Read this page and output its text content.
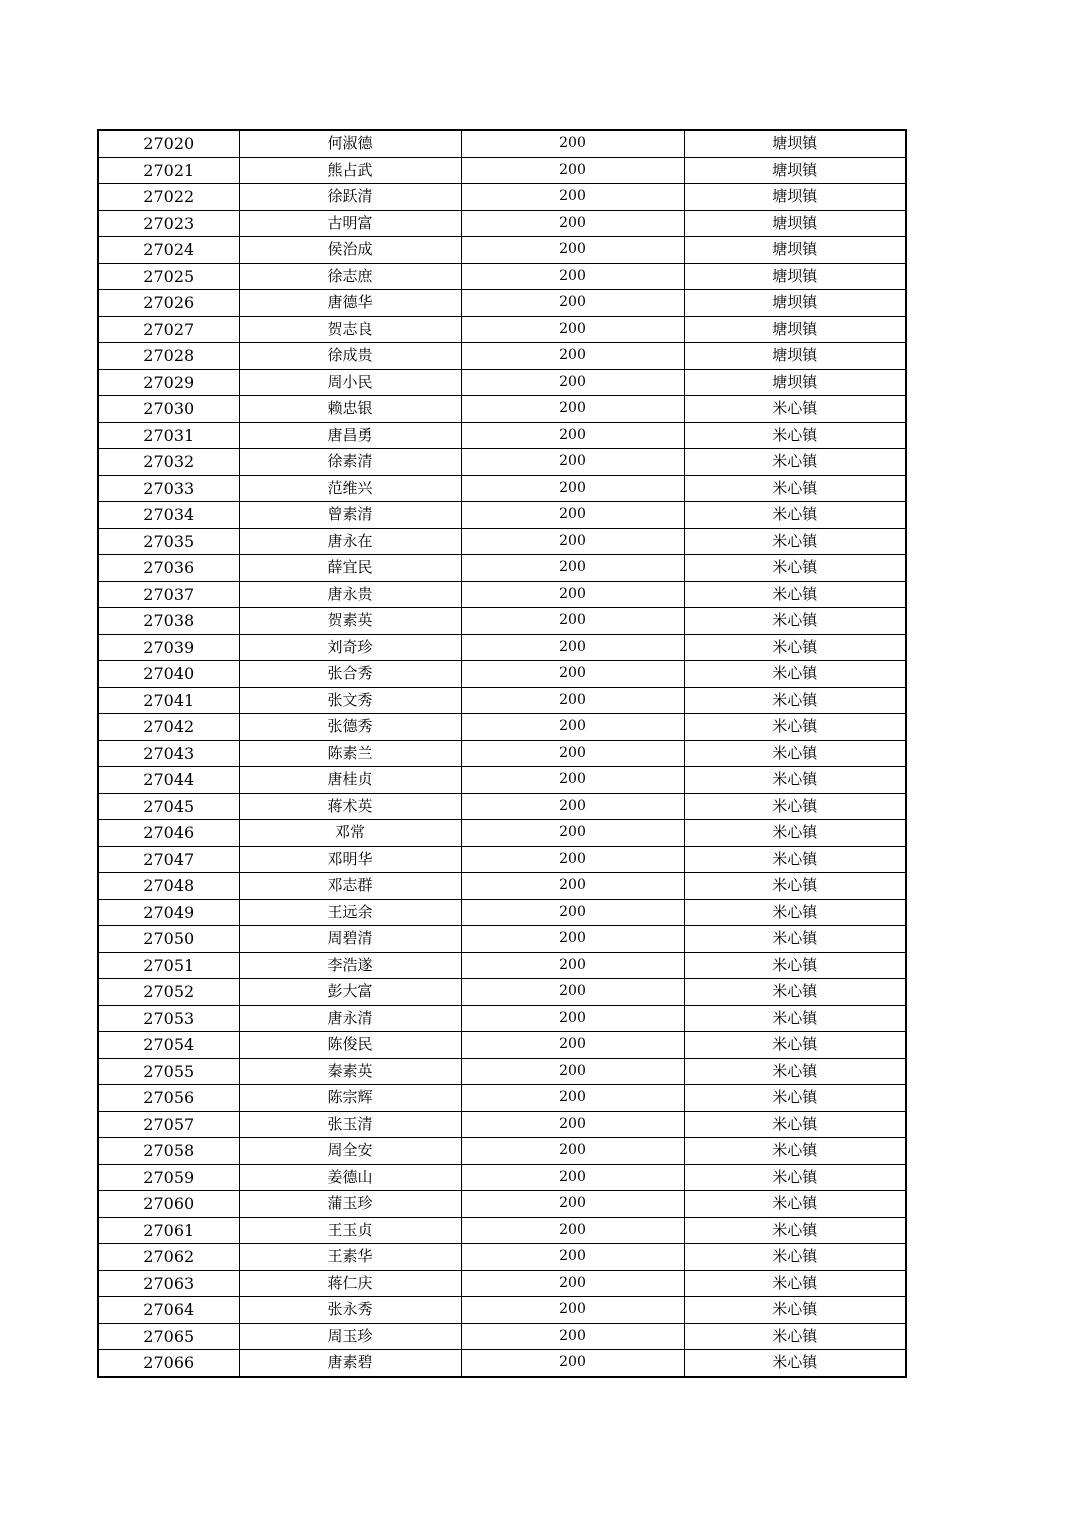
27020	何淑德	200	塘坝镇
27021	熊占武	200	塘坝镇
27022	徐跃清	200	塘坝镇
27023	古明富	200	塘坝镇
27024	侯治成	200	塘坝镇
27025	徐志庶	200	塘坝镇
27026	唐德华	200	塘坝镇
27027	贺志良	200	塘坝镇
27028	徐成贵	200	塘坝镇
27029	周小民	200	塘坝镇
27030	赖忠银	200	米心镇
27031	唐昌勇	200	米心镇
27032	徐素清	200	米心镇
27033	范维兴	200	米心镇
27034	曾素清	200	米心镇
27035	唐永在	200	米心镇
27036	薛宜民	200	米心镇
27037	唐永贵	200	米心镇
27038	贺素英	200	米心镇
27039	刘奇珍	200	米心镇
27040	张合秀	200	米心镇
27041	张文秀	200	米心镇
27042	张德秀	200	米心镇
27043	陈素兰	200	米心镇
27044	唐桂贞	200	米心镇
27045	蒋术英	200	米心镇
27046	邓常	200	米心镇
27047	邓明华	200	米心镇
27048	邓志群	200	米心镇
27049	王远余	200	米心镇
27050	周碧清	200	米心镇
27051	李浩遂	200	米心镇
27052	彭大富	200	米心镇
27053	唐永清	200	米心镇
27054	陈俊民	200	米心镇
27055	秦素英	200	米心镇
27056	陈宗辉	200	米心镇
27057	张玉清	200	米心镇
27058	周全安	200	米心镇
27059	姜德山	200	米心镇
27060	蒲玉珍	200	米心镇
27061	王玉贞	200	米心镇
27062	王素华	200	米心镇
27063	蒋仁庆	200	米心镇
27064	张永秀	200	米心镇
27065	周玉珍	200	米心镇
27066	唐素碧	200	米心镇
